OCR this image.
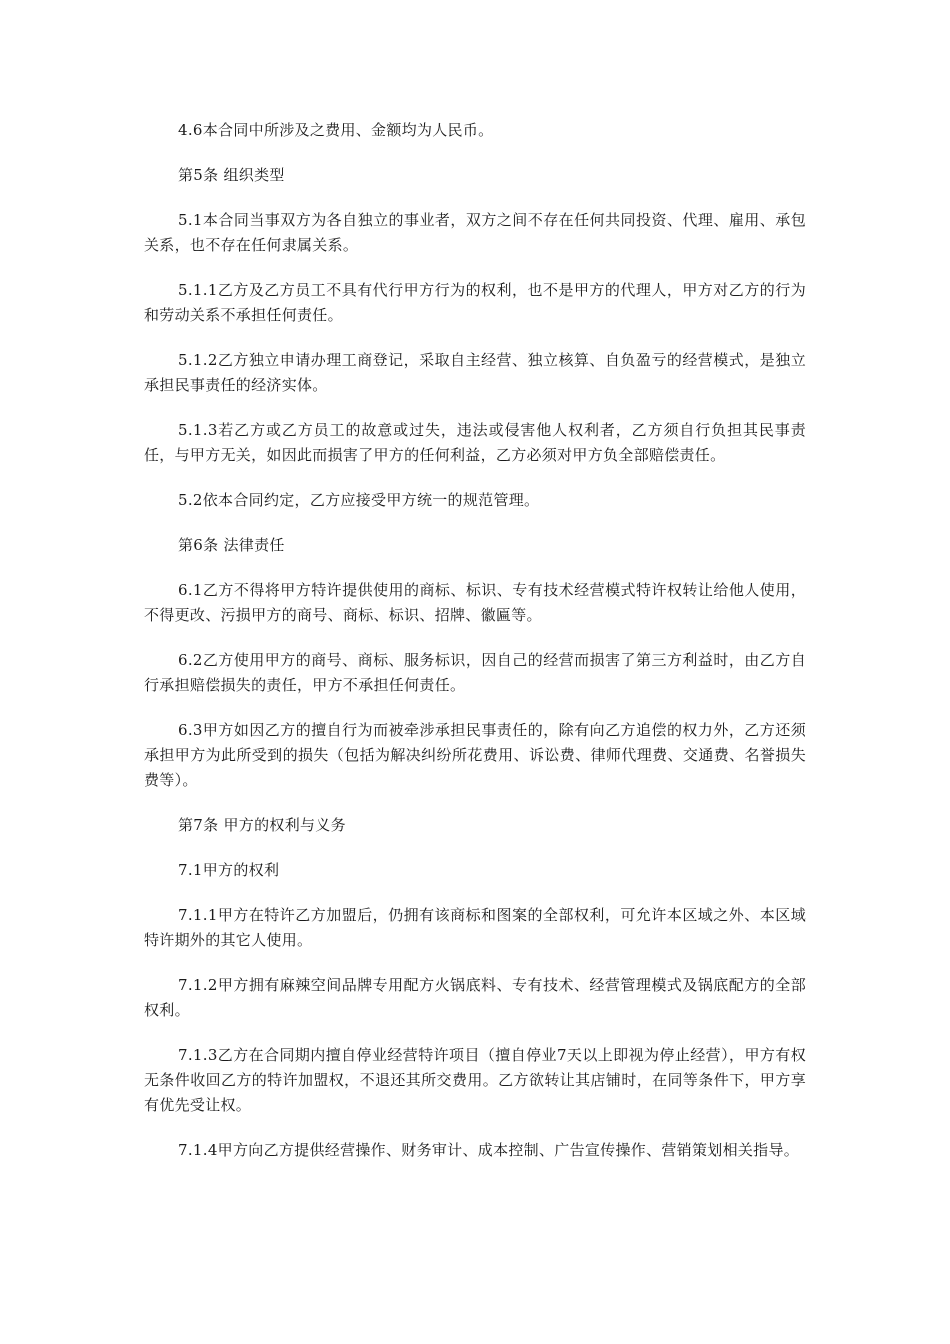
4.6本合同中所涉及之费用、金额均为人民币。

第5条 组织类型

5.1本合同当事双方为各自独立的事业者，双方之间不存在任何共同投资、代理、雇用、承包关系，也不存在任何隶属关系。

5.1.1乙方及乙方员工不具有代行甲方行为的权利，也不是甲方的代理人，甲方对乙方的行为和劳动关系不承担任何责任。

5.1.2乙方独立申请办理工商登记，采取自主经营、独立核算、自负盈亏的经营模式，是独立承担民事责任的经济实体。

5.1.3若乙方或乙方员工的故意或过失，违法或侵害他人权利者，乙方须自行负担其民事责任，与甲方无关，如因此而损害了甲方的任何利益，乙方必须对甲方负全部赔偿责任。

5.2依本合同约定，乙方应接受甲方统一的规范管理。

第6条 法律责任

6.1乙方不得将甲方特许提供使用的商标、标识、专有技术经营模式特许权转让给他人使用，不得更改、污损甲方的商号、商标、标识、招牌、徽匾等。

6.2乙方使用甲方的商号、商标、服务标识，因自己的经营而损害了第三方利益时，由乙方自行承担赔偿损失的责任，甲方不承担任何责任。

6.3甲方如因乙方的擅自行为而被牵涉承担民事责任的，除有向乙方追偿的权力外，乙方还须承担甲方为此所受到的损失（包括为解决纠纷所花费用、诉讼费、律师代理费、交通费、名誉损失费等）。

第7条 甲方的权利与义务

7.1甲方的权利

7.1.1甲方在特许乙方加盟后，仍拥有该商标和图案的全部权利，可允许本区域之外、本区域特许期外的其它人使用。

7.1.2甲方拥有麻辣空间品牌专用配方火锅底料、专有技术、经营管理模式及锅底配方的全部权利。

7.1.3乙方在合同期内擅自停业经营特许项目（擅自停业7天以上即视为停止经营），甲方有权无条件收回乙方的特许加盟权，不退还其所交费用。乙方欲转让其店铺时，在同等条件下，甲方享有优先受让权。

7.1.4甲方向乙方提供经营操作、财务审计、成本控制、广告宣传操作、营销策划相关指导。
